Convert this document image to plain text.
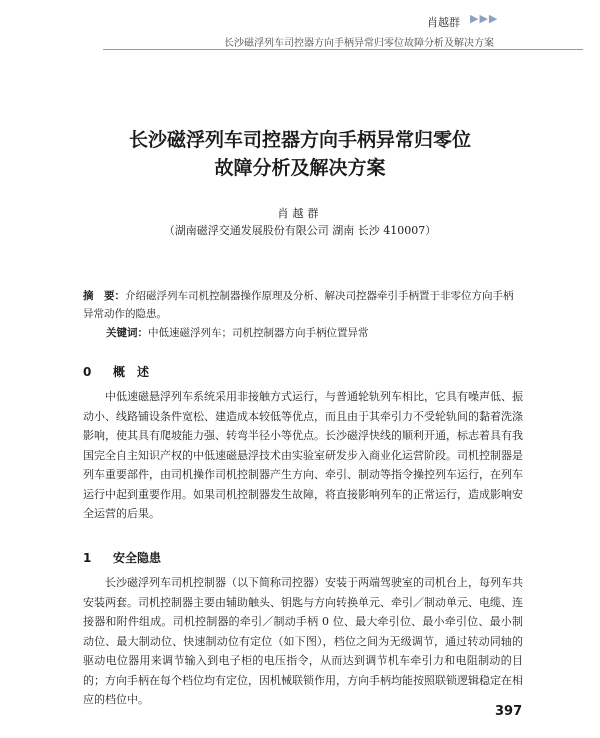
肖越群 ▶▶▶
长沙磁浮列车司控器方向手柄异常归零位故障分析及解决方案
长沙磁浮列车司控器方向手柄异常归零位
故障分析及解决方案
肖越群
（湖南磁浮交通发展股份有限公司 湖南 长沙 410007）
摘　要：介绍磁浮列车司机控制器操作原理及分析、解决司控器牵引手柄置于非零位方向手柄异常动作的隐患。
关键词：中低速磁浮列车；司机控制器方向手柄位置异常
0 概　述

中低速磁悬浮列车系统采用非接触方式运行，与普通轮轨列车相比，它具有噪声低、振动小、线路铺设条件宽松、建造成本较低等优点，而且由于其牵引力不受轮轨间的黏着洗涤影响，使其具有爬坡能力强、转弯半径小等优点。长沙磁浮快线的顺利开通，标志着具有我国完全自主知识产权的中低速磁悬浮技术由实验室研发步入商业化运营阶段。司机控制器是列车重要部件，由司机操作司机控制器产生方向、牵引、制动等指令操控列车运行，在列车运行中起到重要作用。如果司机控制器发生故障，将直接影响列车的正常运行，造成影响安全运营的后果。

1 安全隐患

长沙磁浮列车司机控制器（以下简称司控器）安装于两端驾驶室的司机台上，每列车共安装两套。司机控制器主要由辅助触头、钥匙与方向转换单元、牵引／制动单元、电缆、连接器和附件组成。司机控制器的牵引／制动手柄 0 位、最大牵引位、最小牵引位、最小制动位、最大制动位、快速制动位有定位（如下图），档位之间为无级调节，通过转动同轴的驱动电位器用来调节输入到电子柜的电压指令，从而达到调节机车牵引力和电阻制动的目的；方向手柄在每个档位均有定位，因机械联锁作用，方向手柄均能按照联锁逻辑稳定在相应的档位中。

397
